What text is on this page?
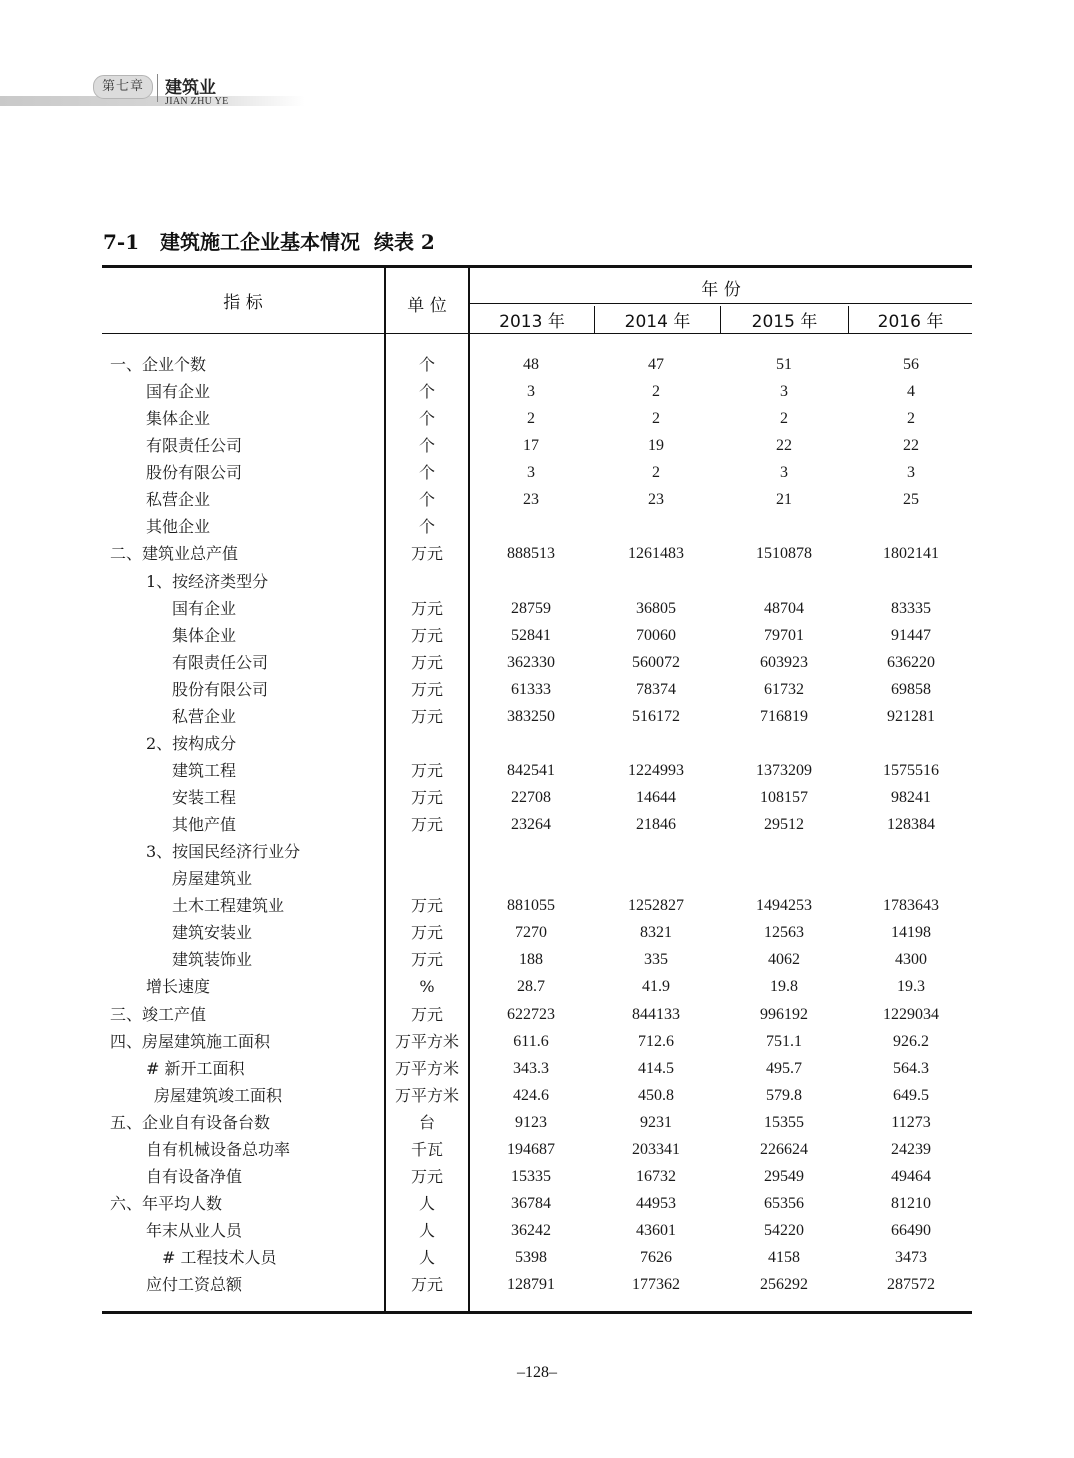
第七章	建筑业
JIAN ZHU YE
7-1   建筑施工企业基本情况  续表 2
指 标	单 位
年 份
2013 年	2014 年	2015 年	2016 年
一、企业个数	个	48	47	51	56
国有企业	个	3	2	3	4
集体企业	个	2	2	2	2
有限责任公司	个	17	19	22	22
股份有限公司	个	3	2	3	3
私营企业	个	23	23	21	25
其他企业	个
二、建筑业总产值	万元	888513	1261483	1510878	1802141
1、按经济类型分
国有企业	万元	28759	36805	48704	83335
集体企业	万元	52841	70060	79701	91447
有限责任公司	万元	362330	560072	603923	636220
股份有限公司	万元	61333	78374	61732	69858
私营企业	万元	383250	516172	716819	921281
2、按构成分
建筑工程	万元	842541	1224993	1373209	1575516
安装工程	万元	22708	14644	108157	98241
其他产值	万元	23264	21846	29512	128384
3、按国民经济行业分
房屋建筑业
土木工程建筑业	万元	881055	1252827	1494253	1783643
建筑安装业	万元	7270	8321	12563	14198
建筑装饰业	万元	188	335	4062	4300
增长速度	%	28.7	41.9	19.8	19.3
三、竣工产值	万元	622723	844133	996192	1229034
四、房屋建筑施工面积	万平方米	611.6	712.6	751.1	926.2
# 新开工面积	万平方米	343.3	414.5	495.7	564.3
房屋建筑竣工面积	万平方米	424.6	450.8	579.8	649.5
五、企业自有设备台数	台	9123	9231	15355	11273
自有机械设备总功率	千瓦	194687	203341	226624	24239
自有设备净值	万元	15335	16732	29549	49464
六、年平均人数	人	36784	44953	65356	81210
年末从业人员	人	36242	43601	54220	66490
# 工程技术人员	人	5398	7626	4158	3473
应付工资总额	万元	128791	177362	256292	287572
–128–
